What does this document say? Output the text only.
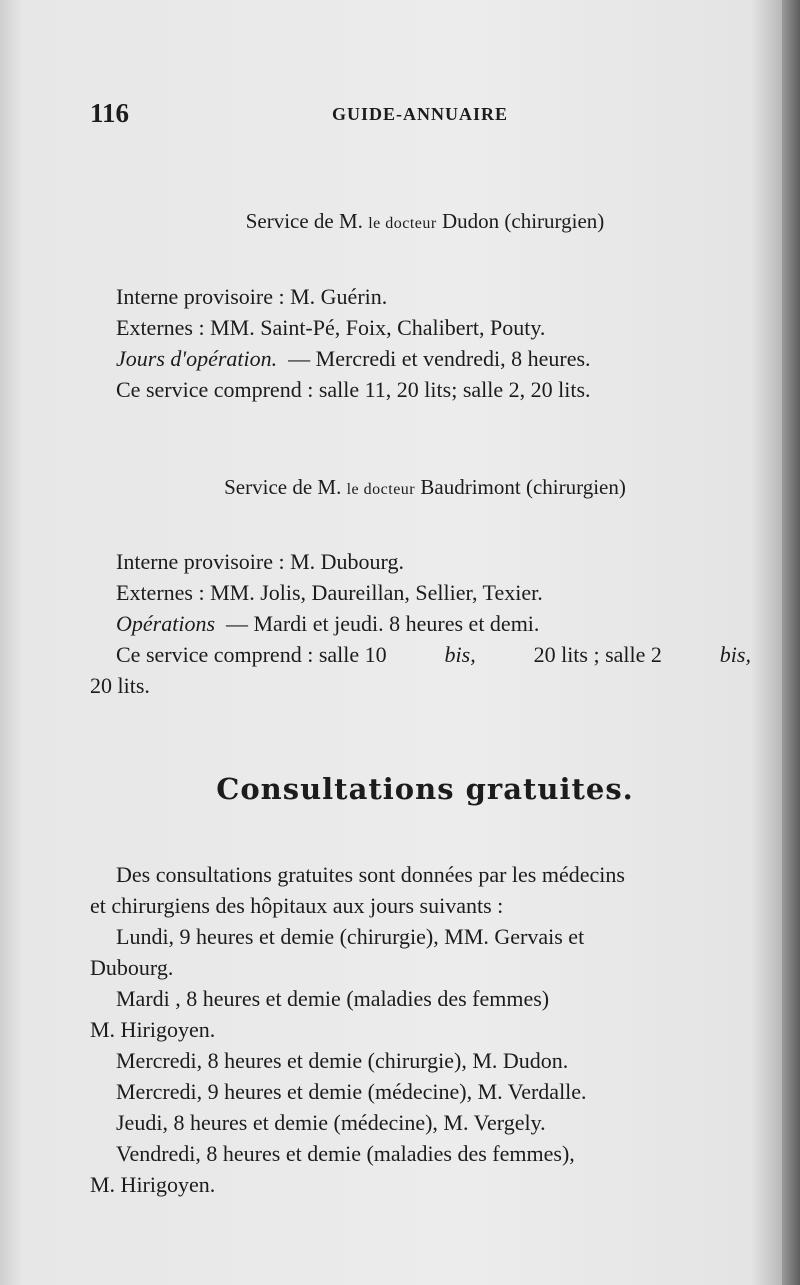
116	GUIDE-ANNUAIRE
Service de M. le docteur Dudon (chirurgien)
Interne provisoire : M. Guérin.
Externes : MM. Saint-Pé, Foix, Chalibert, Pouty.
Jours d'opération. — Mercredi et vendredi, 8 heures.
Ce service comprend : salle 11, 20 lits; salle 2, 20 lits.
Service de M. le docteur Baudrimont (chirurgien)
Interne provisoire : M. Dubourg.
Externes : MM. Jolis, Daureillan, Sellier, Texier.
Opérations — Mardi et jeudi. 8 heures et demi.
Ce service comprend : salle 10	bis,	20 lits ; salle 2	bis,
20 lits.
Consultations gratuites.
Des consultations gratuites sont données par les médecins
et chirurgiens des hôpitaux aux jours suivants :
Lundi, 9 heures et demie (chirurgie), MM. Gervais et
Dubourg.
Mardi , 8 heures et demie (maladies des femmes)
M. Hirigoyen.
Mercredi, 8 heures et demie (chirurgie), M. Dudon.
Mercredi, 9 heures et demie (médecine), M. Verdalle.
Jeudi, 8 heures et demie (médecine), M. Vergely.
Vendredi, 8 heures et demie (maladies des femmes),
M. Hirigoyen.
